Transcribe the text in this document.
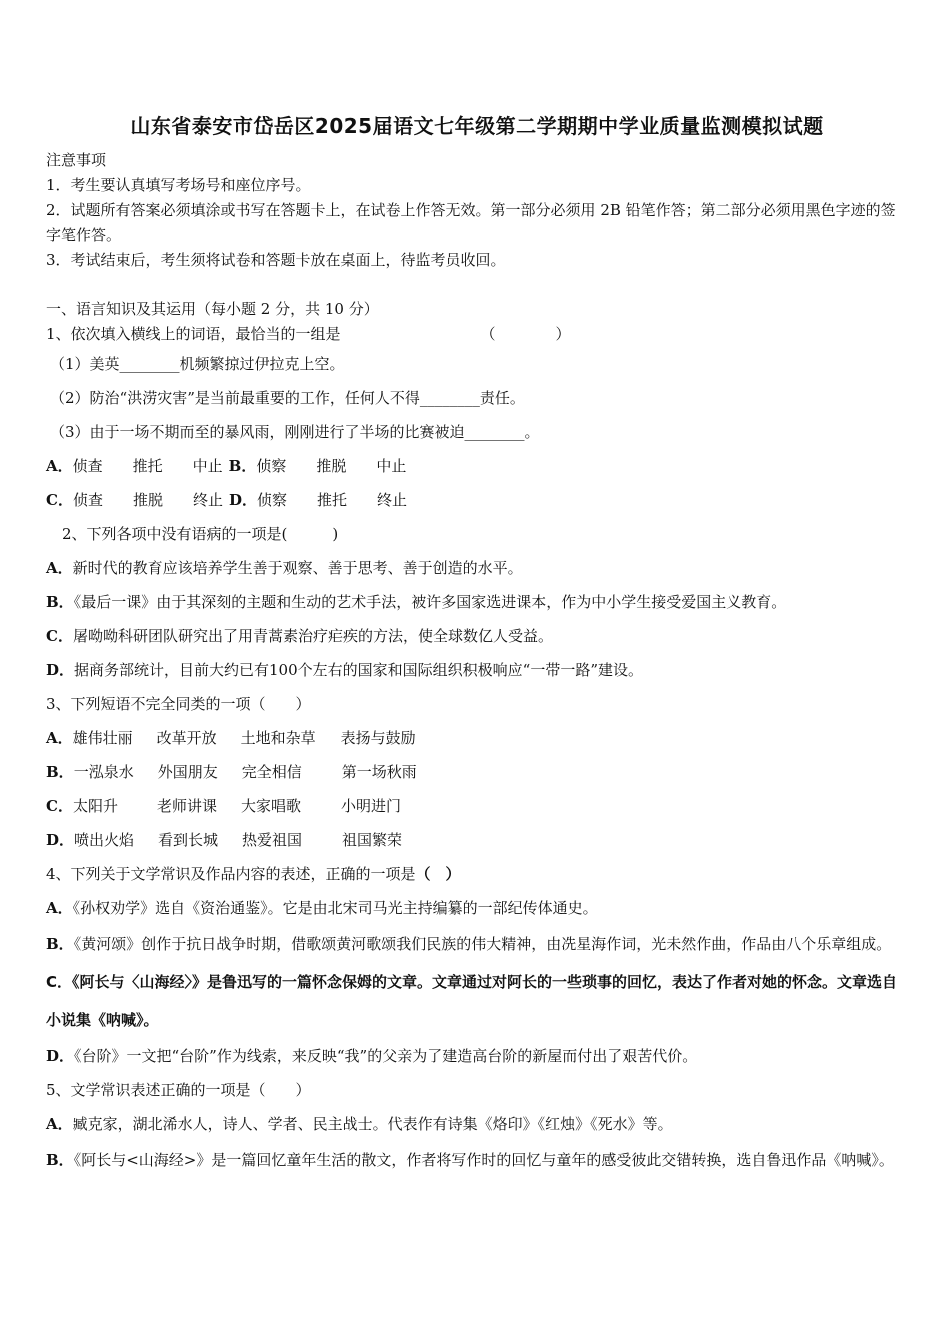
山东省泰安市岱岳区2025届语文七年级第二学期期中学业质量监测模拟试题
注意事项
1．考生要认真填写考场号和座位序号。
2．试题所有答案必须填涂或书写在答题卡上，在试卷上作答无效。第一部分必须用 2B 铅笔作答；第二部分必须用黑色字迹的签字笔作答。
3．考试结束后，考生须将试卷和答题卡放在桌面上，待监考员收回。
一、语言知识及其运用（每小题 2 分，共 10 分）
1、依次填入横线上的词语，最恰当的一组是	（　　　　）
（1）美英________机频繁掠过伊拉克上空。
（2）防治“洪涝灾害”是当前最重要的工作，任何人不得________责任。
（3）由于一场不期而至的暴风雨，刚刚进行了半场的比赛被迫________。
A．侦查 推托 中止 B．侦察 推脱 中止
C．侦查 推脱 终止 D．侦察 推托 终止
2、下列各项中没有语病的一项是(　　　)
A．新时代的教育应该培养学生善于观察、善于思考、善于创造的水平。
B．《最后一课》由于其深刻的主题和生动的艺术手法，被许多国家选进课本，作为中小学生接受爱国主义教育。
C．屠呦呦科研团队研究出了用青蒿素治疗疟疾的方法，使全球数亿人受益。
D．据商务部统计，目前大约已有100个左右的国家和国际组织积极响应“一带一路”建设。
3、下列短语不完全同类的一项（　　）
A．雄伟壮丽 改革开放 土地和杂草 表扬与鼓励
B．一泓泉水 外国朋友 完全相信	第一场秋雨
C．太阳升	老师讲课 大家唱歌	小明进门
D．喷出火焰 看到长城 热爱祖国	祖国繁荣
4、下列关于文学常识及作品内容的表述，正确的一项是（　）
A．《孙权劝学》选自《资治通鉴》。它是由北宋司马光主持编纂的一部纪传体通史。
B．《黄河颂》创作于抗日战争时期，借歌颂黄河歌颂我们民族的伟大精神，由冼星海作词，光未然作曲，作品由八个乐章组成。
C．《阿长与〈山海经〉》是鲁迅写的一篇怀念保姆的文章。文章通过对阿长的一些琐事的回忆，表达了作者对她的怀念。文章选自小说集《呐喊》。
D．《台阶》一文把“台阶”作为线索，来反映“我”的父亲为了建造高台阶的新屋而付出了艰苦代价。
5、文学常识表述正确的一项是（　　）
A．臧克家，湖北浠水人，诗人、学者、民主战士。代表作有诗集《烙印》《红烛》《死水》等。
B．《阿长与<山海经>》是一篇回忆童年生活的散文，作者将写作时的回忆与童年的感受彼此交错转换，选自鲁迅作品《呐喊》。
